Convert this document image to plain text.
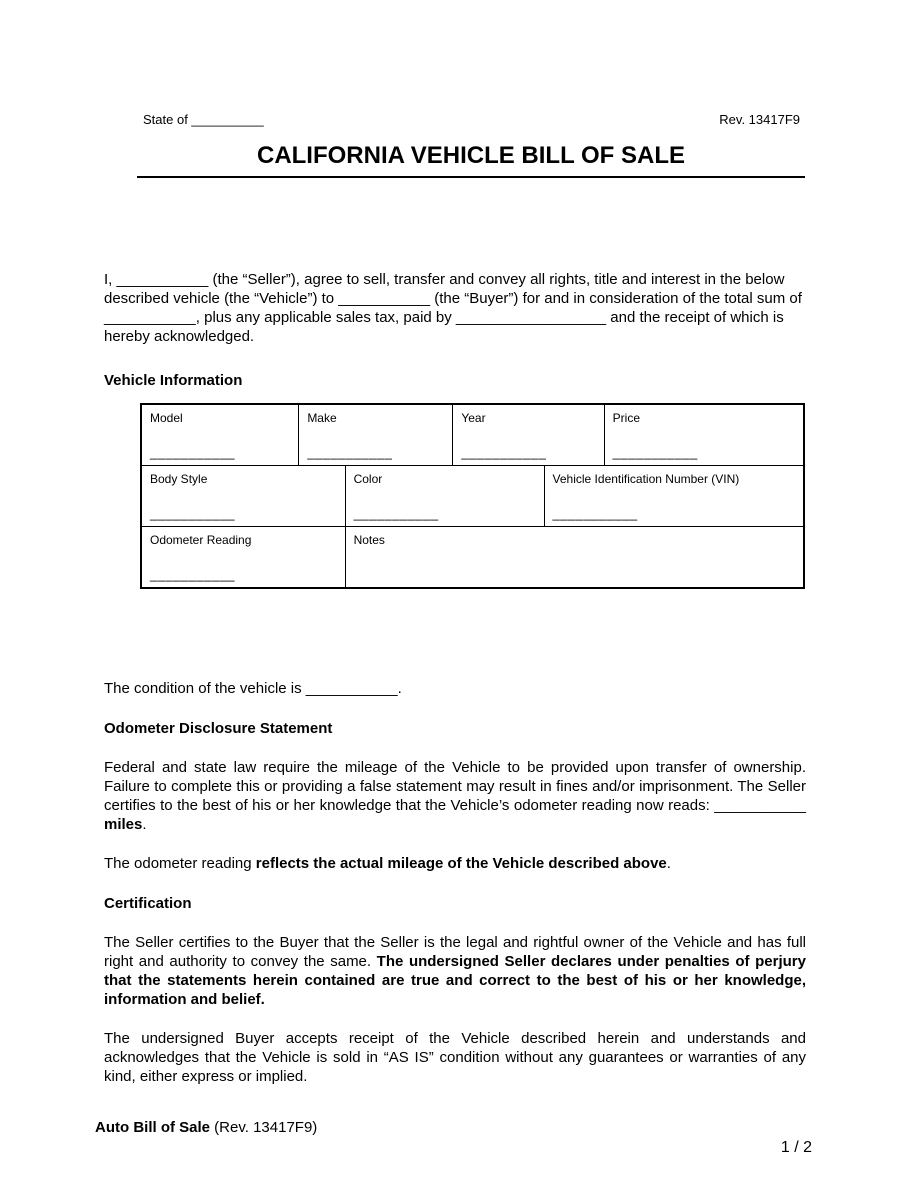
State of __________	Rev. 13417F9
CALIFORNIA VEHICLE BILL OF SALE

I, ___________ (the “Seller”), agree to sell, transfer and convey all rights, title and interest in the below described vehicle (the “Vehicle”) to ___________ (the “Buyer”) for and in consideration of the total sum of ___________, plus any applicable sales tax, paid by __________________ and the receipt of which is hereby acknowledged.

Vehicle Information
Model
___________
Make
___________
Year
___________
Price
___________
Body Style
___________
Color
___________
Vehicle Identification Number (VIN)
___________
Odometer Reading
___________
Notes

The condition of the vehicle is ___________.

Odometer Disclosure Statement

Federal and state law require the mileage of the Vehicle to be provided upon transfer of ownership. Failure to complete this or providing a false statement may result in fines and/or imprisonment. The Seller certifies to the best of his or her knowledge that the Vehicle’s odometer reading now reads: ___________ miles.

The odometer reading reflects the actual mileage of the Vehicle described above.

Certification

The Seller certifies to the Buyer that the Seller is the legal and rightful owner of the Vehicle and has full right and authority to convey the same. The undersigned Seller declares under penalties of perjury that the statements herein contained are true and correct to the best of his or her knowledge, information and belief.

The undersigned Buyer accepts receipt of the Vehicle described herein and understands and acknowledges that the Vehicle is sold in “AS IS” condition without any guarantees or warranties of any kind, either express or implied.

Auto Bill of Sale (Rev. 13417F9)
1 / 2
